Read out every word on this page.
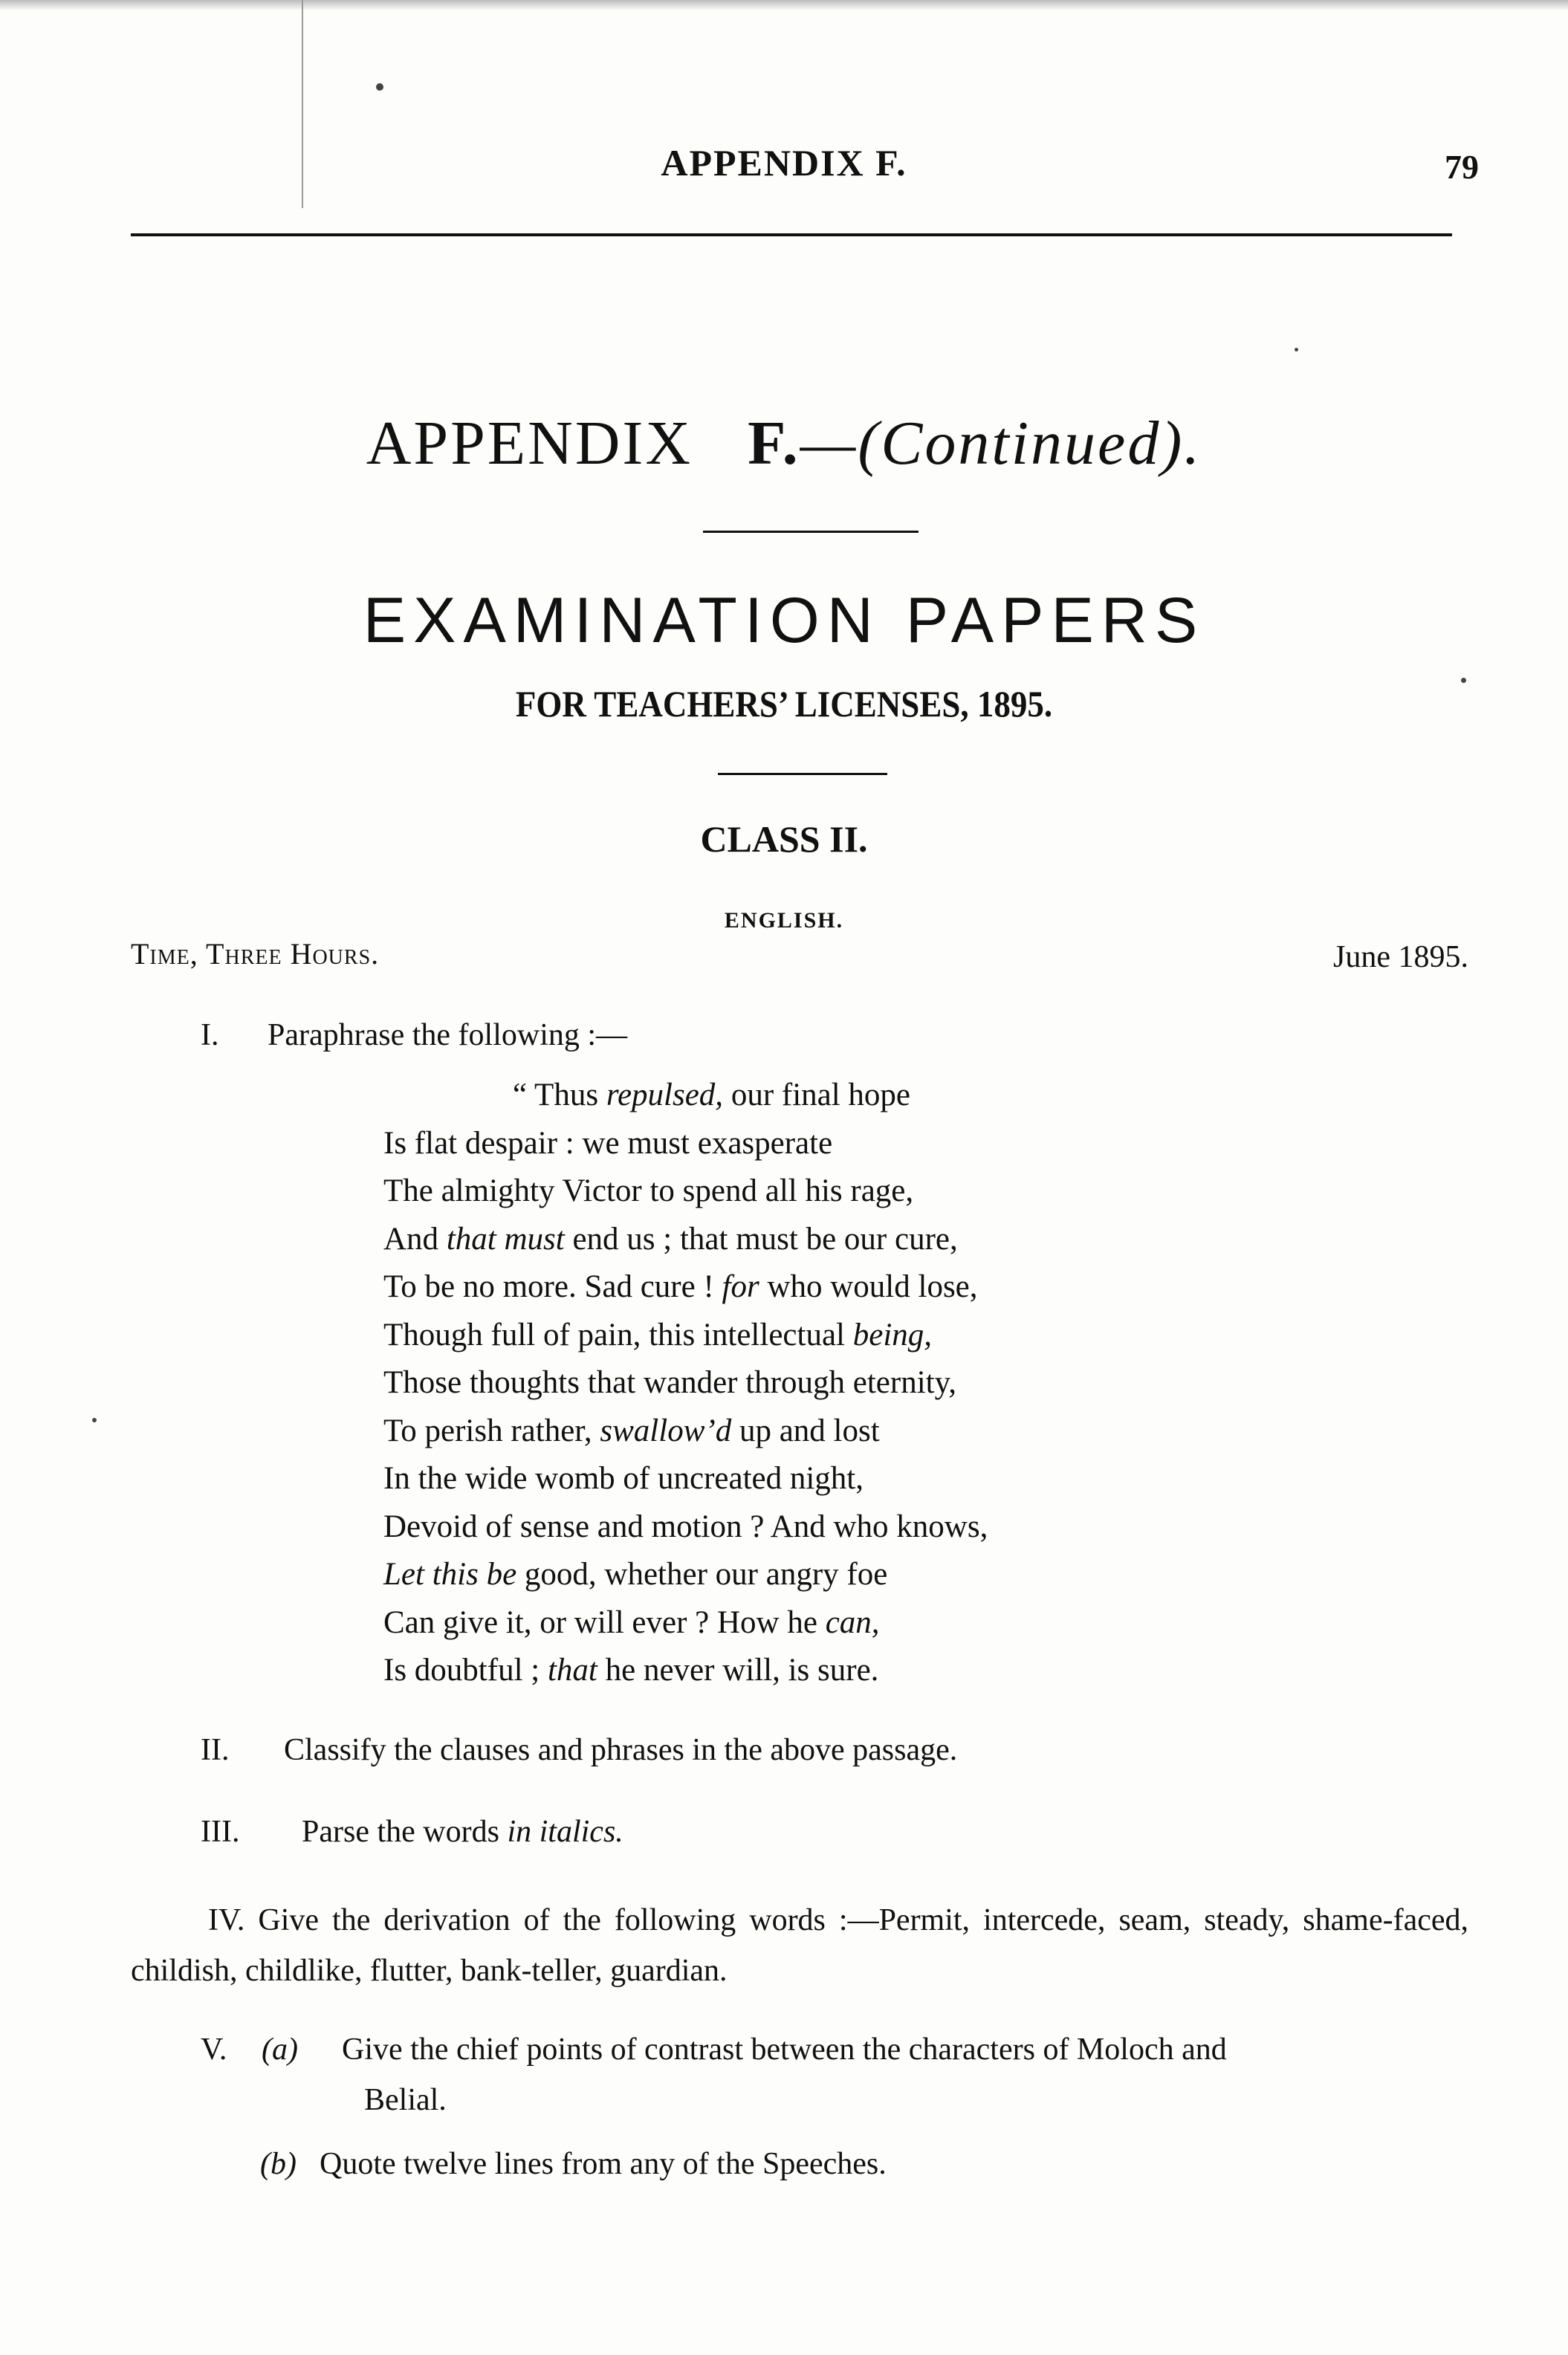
APPENDIX F.	79
APPENDIX F.—(Continued).
EXAMINATION PAPERS
FOR TEACHERS’ LICENSES, 1895.
CLASS II.
ENGLISH.
Time, Three Hours.	June 1895.
I. Paraphrase the following :—
“ Thus repulsed, our final hope
Is flat despair : we must exasperate
The almighty Victor to spend all his rage,
And that must end us ; that must be our cure,
To be no more. Sad cure ! for who would lose,
Though full of pain, this intellectual being,
Those thoughts that wander through eternity,
To perish rather, swallow’d up and lost
In the wide womb of uncreated night,
Devoid of sense and motion ? And who knows,
Let this be good, whether our angry foe
Can give it, or will ever ? How he can,
Is doubtful ; that he never will, is sure.
II. Classify the clauses and phrases in the above passage.
III. Parse the words in italics.
IV. Give the derivation of the following words :—Permit, intercede, seam, steady, shame-faced, childish, childlike, flutter, bank-teller, guardian.
V.	(a)	Give the chief points of contrast between the characters of Moloch and
Belial.
(b) Quote twelve lines from any of the Speeches.
